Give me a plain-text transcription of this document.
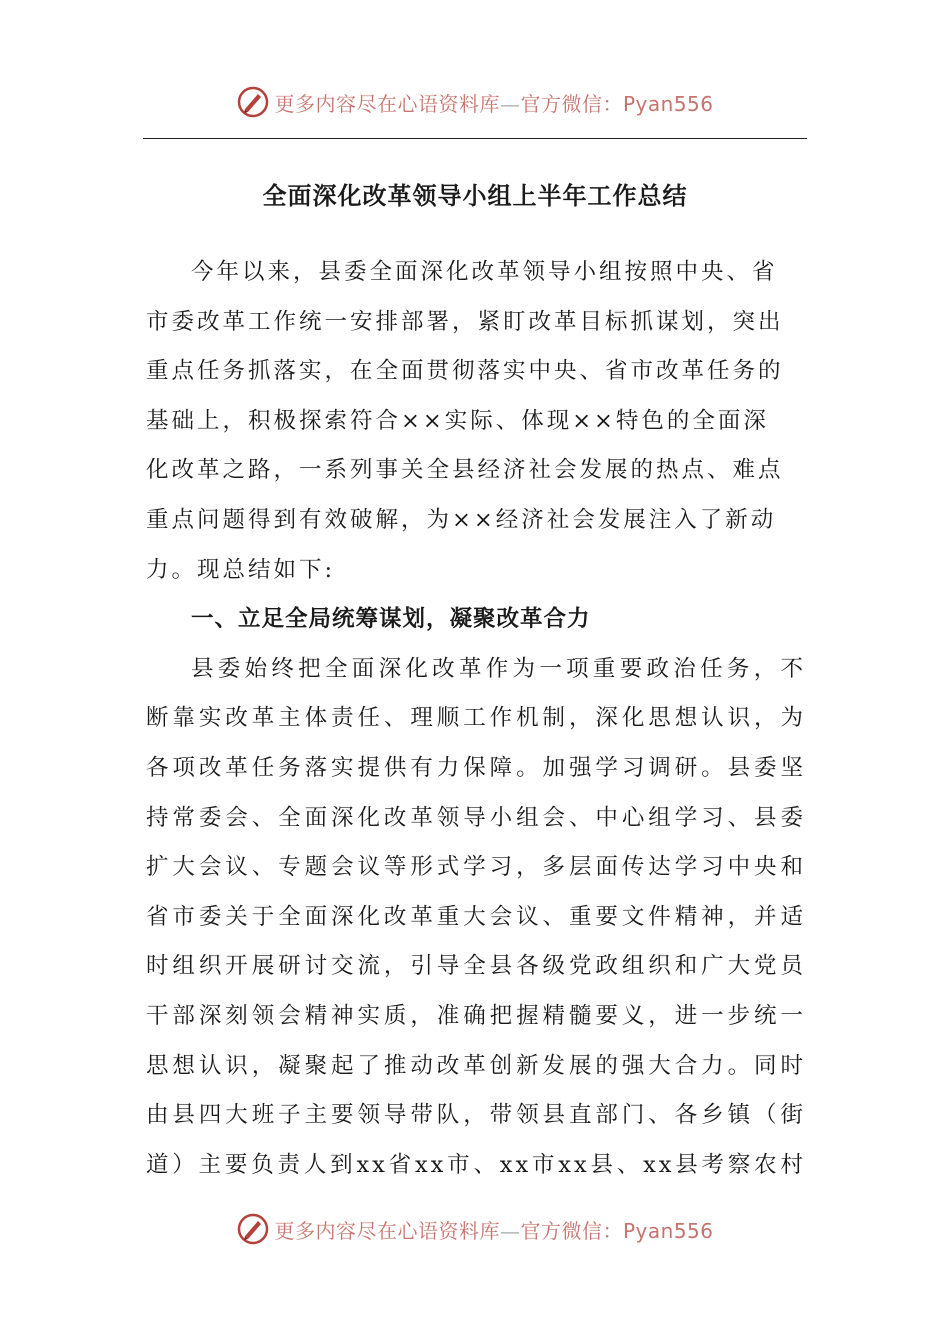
更多内容尽在心语资料库—官方微信：Pyan556
全面深化改革领导小组上半年工作总结
今年以来，县委全面深化改革领导小组按照中央、省
市委改革工作统一安排部署，紧盯改革目标抓谋划，突出
重点任务抓落实，在全面贯彻落实中央、省市改革任务的
基础上，积极探索符合××实际、体现××特色的全面深
化改革之路，一系列事关全县经济社会发展的热点、难点
重点问题得到有效破解，为××经济社会发展注入了新动
力。现总结如下:
一、立足全局统筹谋划，凝聚改革合力
县委始终把全面深化改革作为一项重要政治任务，不
断靠实改革主体责任、理顺工作机制，深化思想认识，为
各项改革任务落实提供有力保障。加强学习调研。县委坚
持常委会、全面深化改革领导小组会、中心组学习、县委
扩大会议、专题会议等形式学习，多层面传达学习中央和
省市委关于全面深化改革重大会议、重要文件精神，并适
时组织开展研讨交流，引导全县各级党政组织和广大党员
干部深刻领会精神实质，准确把握精髓要义，进一步统一
思想认识，凝聚起了推动改革创新发展的强大合力。同时
由县四大班子主要领导带队，带领县直部门、各乡镇（街
道）主要负责人到xx省xx市、xx市xx县、xx县考察农村
更多内容尽在心语资料库—官方微信：Pyan556
